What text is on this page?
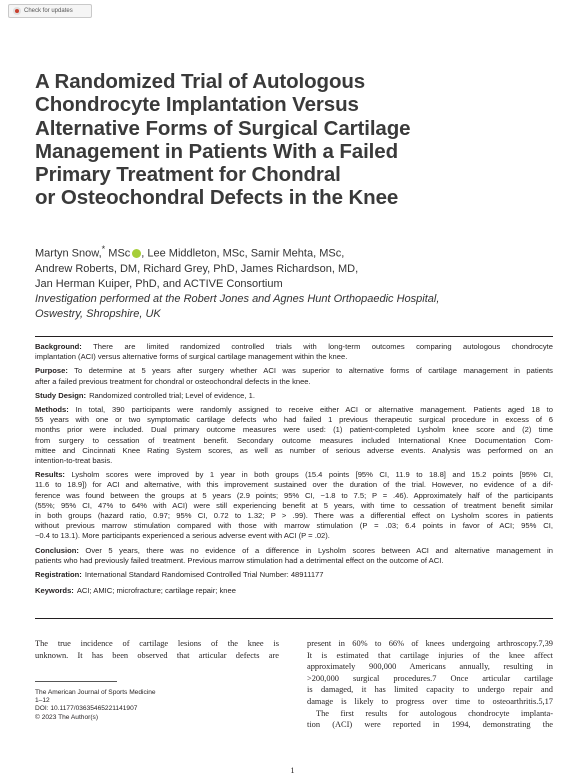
Check for updates
A Randomized Trial of Autologous
Chondrocyte Implantation Versus
Alternative Forms of Surgical Cartilage
Management in Patients With a Failed
Primary Treatment for Chondral
or Osteochondral Defects in the Knee
Martyn Snow,* MSc , Lee Middleton, MSc, Samir Mehta, MSc,
Andrew Roberts, DM, Richard Grey, PhD, James Richardson, MD,
Jan Herman Kuiper, PhD, and ACTIVE Consortium
Investigation performed at the Robert Jones and Agnes Hunt Orthopaedic Hospital,
Oswestry, Shropshire, UK
Background: There are limited randomized controlled trials with long-term outcomes comparing autologous chondrocyte
implantation (ACI) versus alternative forms of surgical cartilage management within the knee.
Purpose: To determine at 5 years after surgery whether ACI was superior to alternative forms of cartilage management in patients
after a failed previous treatment for chondral or osteochondral defects in the knee.
Study Design: Randomized controlled trial; Level of evidence, 1.
Methods: In total, 390 participants were randomly assigned to receive either ACI or alternative management. Patients aged 18 to
55 years with one or two symptomatic cartilage defects who had failed 1 previous therapeutic surgical procedure in excess of 6
months prior were included. Dual primary outcome measures were used: (1) patient-completed Lysholm knee score and (2) time
from surgery to cessation of treatment benefit. Secondary outcome measures included International Knee Documentation Com-
mittee and Cincinnati Knee Rating System scores, as well as number of serious adverse events. Analysis was performed on an
intention-to-treat basis.
Results: Lysholm scores were improved by 1 year in both groups (15.4 points [95% CI, 11.9 to 18.8] and 15.2 points [95% CI,
11.6 to 18.9]) for ACI and alternative, with this improvement sustained over the duration of the trial. However, no evidence of a dif-
ference was found between the groups at 5 years (2.9 points; 95% CI, −1.8 to 7.5; P = .46). Approximately half of the participants
(55%; 95% CI, 47% to 64% with ACI) were still experiencing benefit at 5 years, with time to cessation of treatment benefit similar
in both groups (hazard ratio, 0.97; 95% CI, 0.72 to 1.32; P > .99). There was a differential effect on Lysholm scores in patients
without previous marrow stimulation compared with those with marrow stimulation (P = .03; 6.4 points in favor of ACI; 95% CI,
−0.4 to 13.1). More participants experienced a serious adverse event with ACI (P = .02).
Conclusion: Over 5 years, there was no evidence of a difference in Lysholm scores between ACI and alternative management in
patients who had previously failed treatment. Previous marrow stimulation had a detrimental effect on the outcome of ACI.
Registration: International Standard Randomised Controlled Trial Number: 48911177
Keywords: ACI; AMIC; microfracture; cartilage repair; knee
The true incidence of cartilage lesions of the knee is
unknown. It has been observed that articular defects are
present in 60% to 66% of knees undergoing arthroscopy.7,39
It is estimated that cartilage injuries of the knee affect
approximately 900,000 Americans annually, resulting in
>200,000 surgical procedures.7 Once articular cartilage
is damaged, it has limited capacity to undergo repair and
damage is likely to progress over time to osteoarthritis.5,17
The first results for autologous chondrocyte implanta-
tion (ACI) were reported in 1994, demonstrating the
The American Journal of Sports Medicine
1–12
DOI: 10.1177/03635465221141907
© 2023 The Author(s)
1
